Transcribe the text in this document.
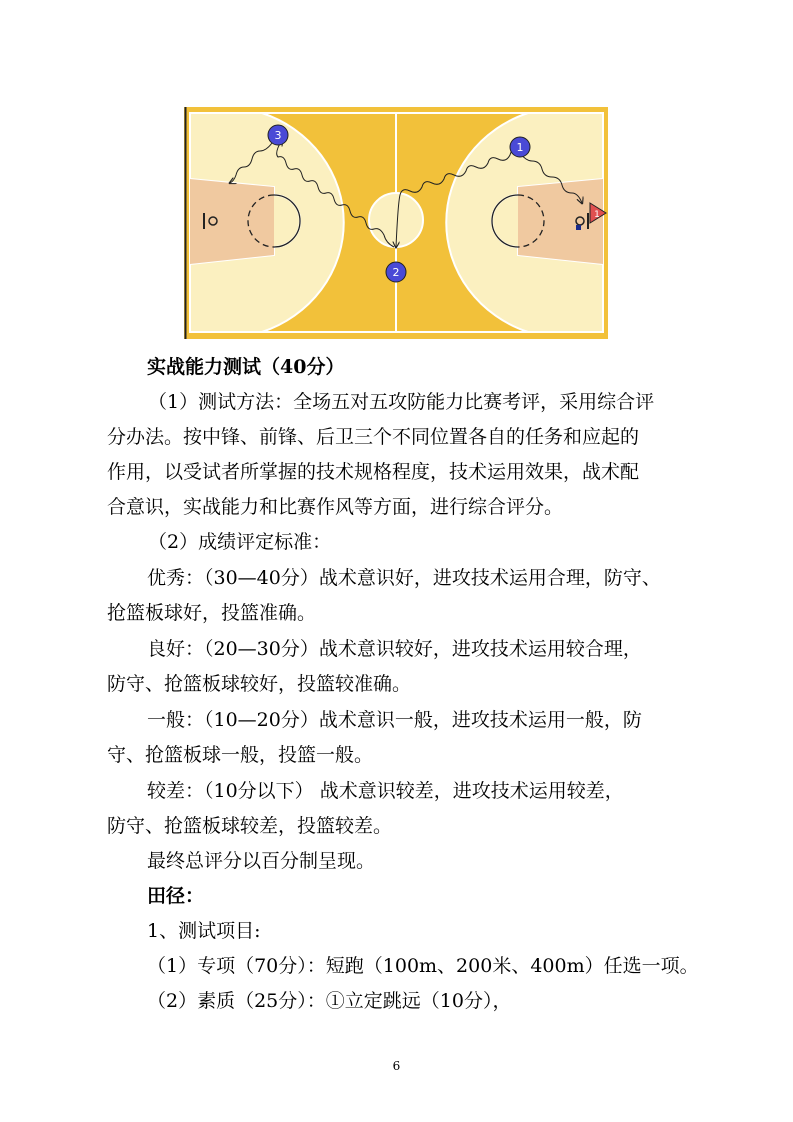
3
1
2
1
实战能力测试（40分）
（1）测试方法：全场五对五攻防能力比赛考评，采用综合评
分办法。按中锋、前锋、后卫三个不同位置各自的任务和应起的
作用，以受试者所掌握的技术规格程度，技术运用效果，战术配
合意识，实战能力和比赛作风等方面，进行综合评分。
（2）成绩评定标准：
优秀：（30—40分）战术意识好，进攻技术运用合理，防守、
抢篮板球好，投篮准确。
良好：（20—30分）战术意识较好，进攻技术运用较合理，
防守、抢篮板球较好，投篮较准确。
一般：（10—20分）战术意识一般，进攻技术运用一般，防
守、抢篮板球一般，投篮一般。
较差：（10分以下） 战术意识较差，进攻技术运用较差，
防守、抢篮板球较差，投篮较差。
最终总评分以百分制呈现。
田径：
1、测试项目:
（1）专项（70分）：短跑（100m、200米、400m）任选一项。
（2）素质（25分）：①立定跳远（10分），
6
